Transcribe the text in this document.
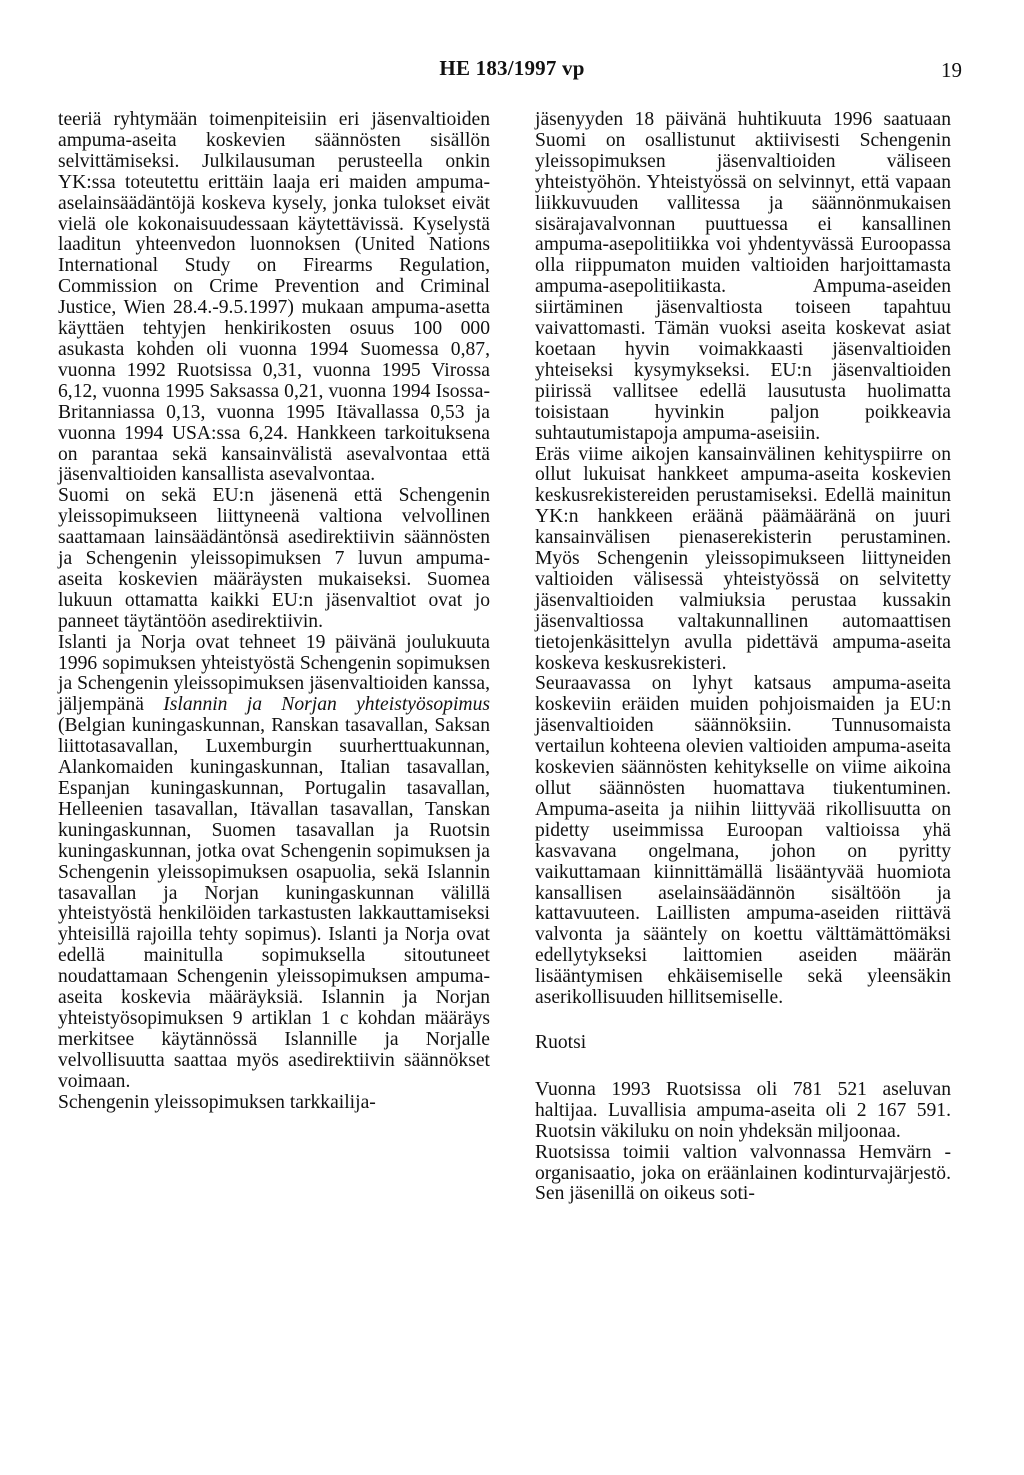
HE 183/1997 vp	19

teeriä ryhtymään toimenpiteisiin eri jäsenvaltioiden ampuma-aseita koskevien säännösten sisällön selvittämiseksi. Julkilausuman perusteella onkin YK:ssa toteutettu erittäin laaja eri maiden ampuma-aselainsäädäntöjä koskeva kysely, jonka tulokset eivät vielä ole kokonaisuudessaan käytettävissä. Kyselystä laaditun yhteenvedon luonnoksen (United Nations International Study on Firearms Regulation, Commission on Crime Prevention and Criminal Justice, Wien 28.4.-9.5.1997) mukaan ampuma-asetta käyttäen tehtyjen henkirikosten osuus 100 000 asukasta kohden oli vuonna 1994 Suomessa 0,87, vuonna 1992 Ruotsissa 0,31, vuonna 1995 Virossa 6,12, vuonna 1995 Saksassa 0,21, vuonna 1994 Isossa-Britanniassa 0,13, vuonna 1995 Itävallassa 0,53 ja vuonna 1994 USA:ssa 6,24. Hankkeen tarkoituksena on parantaa sekä kansainvälistä asevalvontaa että jäsenvaltioiden kansallista asevalvontaa.

Suomi on sekä EU:n jäsenenä että Schengenin yleissopimukseen liittyneenä valtiona velvollinen saattamaan lainsäädäntönsä asedirektiivin säännösten ja Schengenin yleissopimuksen 7 luvun ampuma-aseita koskevien määräysten mukaiseksi. Suomea lukuun ottamatta kaikki EU:n jäsenvaltiot ovat jo panneet täytäntöön asedirektiivin.

Islanti ja Norja ovat tehneet 19 päivänä joulukuuta 1996 sopimuksen yhteistyöstä Schengenin sopimuksen ja Schengenin yleissopimuksen jäsenvaltioiden kanssa, jäljempänä Islannin ja Norjan yhteistyösopimus (Belgian kuningaskunnan, Ranskan tasavallan, Saksan liittotasavallan, Luxemburgin suurherttuakunnan, Alankomaiden kuningaskunnan, Italian tasavallan, Espanjan kuningaskunnan, Portugalin tasavallan, Helleenien tasavallan, Itävallan tasavallan, Tanskan kuningaskunnan, Suomen tasavallan ja Ruotsin kuningaskunnan, jotka ovat Schengenin sopimuksen ja Schengenin yleissopimuksen osapuolia, sekä Islannin tasavallan ja Norjan kuningaskunnan välillä yhteistyöstä henkilöiden tarkastusten lakkauttamiseksi yhteisillä rajoilla tehty sopimus). Islanti ja Norja ovat edellä mainitulla sopimuksella sitoutuneet noudattamaan Schengenin yleissopimuksen ampuma-aseita koskevia määräyksiä. Islannin ja Norjan yhteistyösopimuksen 9 artiklan 1 c kohdan määräys merkitsee käytännössä Islannille ja Norjalle velvollisuutta saattaa myös asedirektiivin säännökset voimaan.

Schengenin yleissopimuksen tarkkailija-

jäsenyyden 18 päivänä huhtikuuta 1996 saatuaan Suomi on osallistunut aktiivisesti Schengenin yleissopimuksen jäsenvaltioiden väliseen yhteistyöhön. Yhteistyössä on selvinnyt, että vapaan liikkuvuuden vallitessa ja säännönmukaisen sisärajavalvonnan puuttuessa ei kansallinen ampuma-asepolitiikka voi yhdentyvässä Euroopassa olla riippumaton muiden valtioiden harjoittamasta ampuma-asepolitiikasta. Ampuma-aseiden siirtäminen jäsenvaltiosta toiseen tapahtuu vaivattomasti. Tämän vuoksi aseita koskevat asiat koetaan hyvin voimakkaasti jäsenvaltioiden yhteiseksi kysymykseksi. EU:n jäsenvaltioiden piirissä vallitsee edellä lausutusta huolimatta toisistaan hyvinkin paljon poikkeavia suhtautumistapoja ampuma-aseisiin.

Eräs viime aikojen kansainvälinen kehityspiirre on ollut lukuisat hankkeet ampuma-aseita koskevien keskusrekistereiden perustamiseksi. Edellä mainitun YK:n hankkeen eräänä päämääränä on juuri kansainvälisen pienaserekisterin perustaminen. Myös Schengenin yleissopimukseen liittyneiden valtioiden välisessä yhteistyössä on selvitetty jäsenvaltioiden valmiuksia perustaa kussakin jäsenvaltiossa valtakunnallinen automaattisen tietojenkäsittelyn avulla pidettävä ampuma-aseita koskeva keskusrekisteri.

Seuraavassa on lyhyt katsaus ampuma-aseita koskeviin eräiden muiden pohjoismaiden ja EU:n jäsenvaltioiden säännöksiin. Tunnusomaista vertailun kohteena olevien valtioiden ampuma-aseita koskevien säännösten kehitykselle on viime aikoina ollut säännösten huomattava tiukentuminen. Ampuma-aseita ja niihin liittyvää rikollisuutta on pidetty useimmissa Euroopan valtioissa yhä kasvavana ongelmana, johon on pyritty vaikuttamaan kiinnittämällä lisääntyvää huomiota kansallisen aselainsäädännön sisältöön ja kattavuuteen. Laillisten ampuma-aseiden riittävä valvonta ja sääntely on koettu välttämättömäksi edellytykseksi laittomien aseiden määrän lisääntymisen ehkäisemiselle sekä yleensäkin aserikollisuuden hillitsemiselle.

Ruotsi

Vuonna 1993 Ruotsissa oli 781 521 aseluvan haltijaa. Luvallisia ampuma-aseita oli 2 167 591. Ruotsin väkiluku on noin yhdeksän miljoonaa.

Ruotsissa toimii valtion valvonnassa Hemvärn -organisaatio, joka on eräänlainen kodinturvajärjestö. Sen jäsenillä on oikeus soti-
